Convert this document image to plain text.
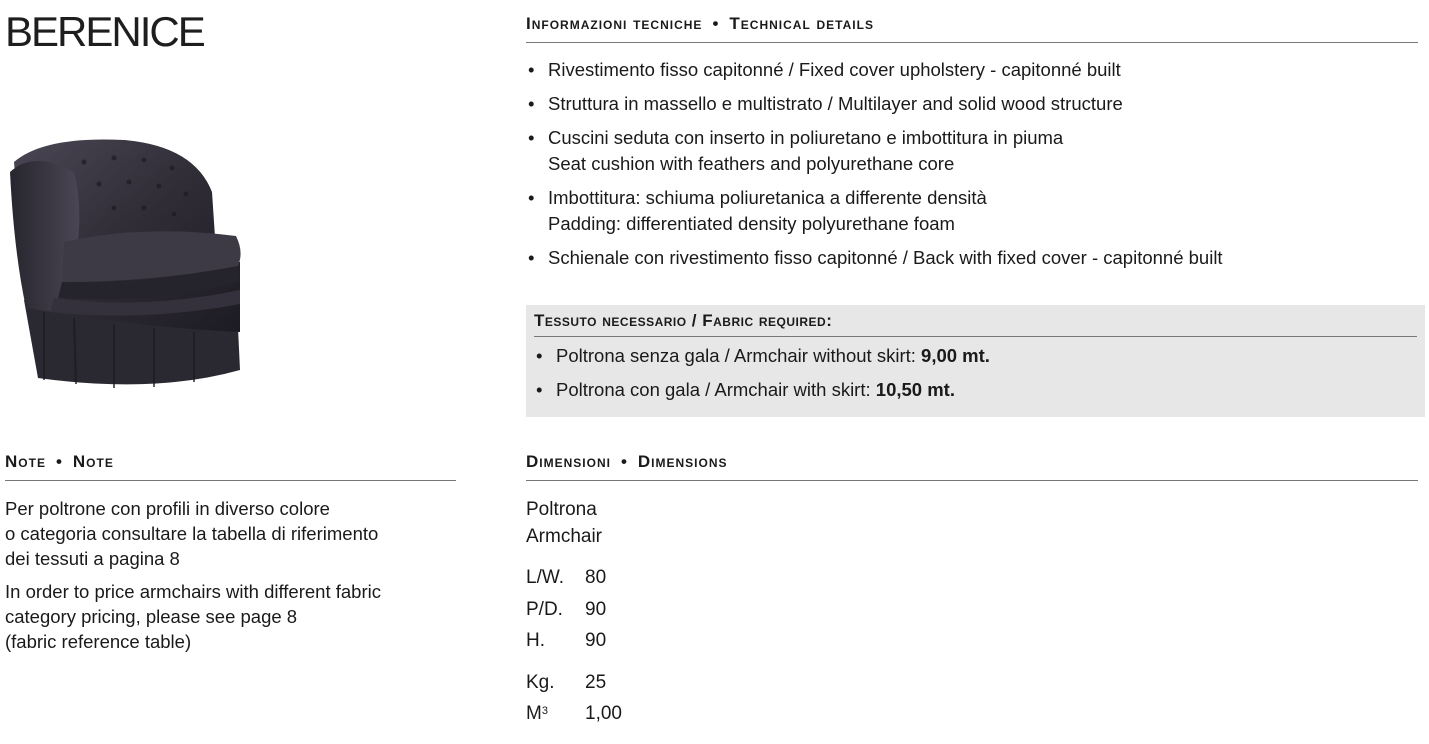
BERENICE	Informazioni tecniche • Technical details
• Rivestimento fisso capitonné / Fixed cover upholstery - capitonné built
• Struttura in massello e multistrato / Multilayer and solid wood structure
• Cuscini seduta con inserto in poliuretano e imbottitura in piuma
Seat cushion with feathers and polyurethane core
• Imbottitura: schiuma poliuretanica a differente densità
Padding: differentiated density polyurethane foam
• Schienale con rivestimento fisso capitonné / Back with fixed cover - capitonné built
Tessuto necessario / Fabric required:
• Poltrona senza gala / Armchair without skirt: 9,00 mt.
• Poltrona con gala / Armchair with skirt: 10,50 mt.
Note • Note

Per poltrone con profili in diverso colore
o categoria consultare la tabella di riferimento
dei tessuti a pagina 8

In order to price armchairs with different fabric
category pricing, please see page 8
(fabric reference table)

Dimensioni • Dimensions
Poltrona
Armchair
L/W.	80
P/D.	90
H.	90
Kg.	25
$M^3$	1,00
